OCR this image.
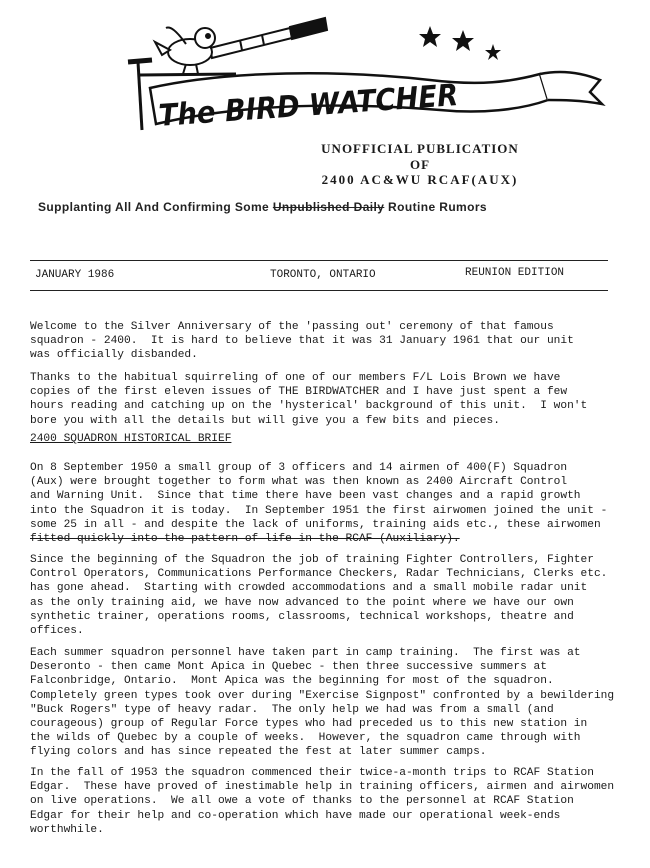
The BIRD WATCHER
UNOFFICIAL PUBLICATION
OF
2400 AC&WU RCAF(AUX)
Supplanting All And Confirming Some Unpublished Daily Routine Rumors
JANUARY 1986	TORONTO, ONTARIO	REUNION EDITION
Welcome to the Silver Anniversary of the 'passing out' ceremony of that famous
squadron - 2400.  It is hard to believe that it was 31 January 1961 that our unit
was officially disbanded.
Thanks to the habitual squirreling of one of our members F/L Lois Brown we have
copies of the first eleven issues of THE BIRDWATCHER and I have just spent a few
hours reading and catching up on the 'hysterical' background of this unit.  I won't
bore you with all the details but will give you a few bits and pieces.
2400 SQUADRON HISTORICAL BRIEF
On 8 September 1950 a small group of 3 officers and 14 airmen of 400(F) Squadron
(Aux) were brought together to form what was then known as 2400 Aircraft Control
and Warning Unit.  Since that time there have been vast changes and a rapid growth
into the Squadron it is today.  In September 1951 the first airwomen joined the unit -
some 25 in all - and despite the lack of uniforms, training aids etc., these airwomen
fitted quickly into the pattern of life in the RCAF (Auxiliary).
Since the beginning of the Squadron the job of training Fighter Controllers, Fighter
Control Operators, Communications Performance Checkers, Radar Technicians, Clerks etc.
has gone ahead.  Starting with crowded accommodations and a small mobile radar unit
as the only training aid, we have now advanced to the point where we have our own
synthetic trainer, operations rooms, classrooms, technical workshops, theatre and
offices.
Each summer squadron personnel have taken part in camp training.  The first was at
Deseronto - then came Mont Apica in Quebec - then three successive summers at
Falconbridge, Ontario.  Mont Apica was the beginning for most of the squadron.
Completely green types took over during "Exercise Signpost" confronted by a bewildering
"Buck Rogers" type of heavy radar.  The only help we had was from a small (and
courageous) group of Regular Force types who had preceded us to this new station in
the wilds of Quebec by a couple of weeks.  However, the squadron came through with
flying colors and has since repeated the fest at later summer camps.
In the fall of 1953 the squadron commenced their twice-a-month trips to RCAF Station
Edgar.  These have proved of inestimable help in training officers, airmen and airwomen
on live operations.  We all owe a vote of thanks to the personnel at RCAF Station
Edgar for their help and co-operation which have made our operational week-ends
worthwhile.
